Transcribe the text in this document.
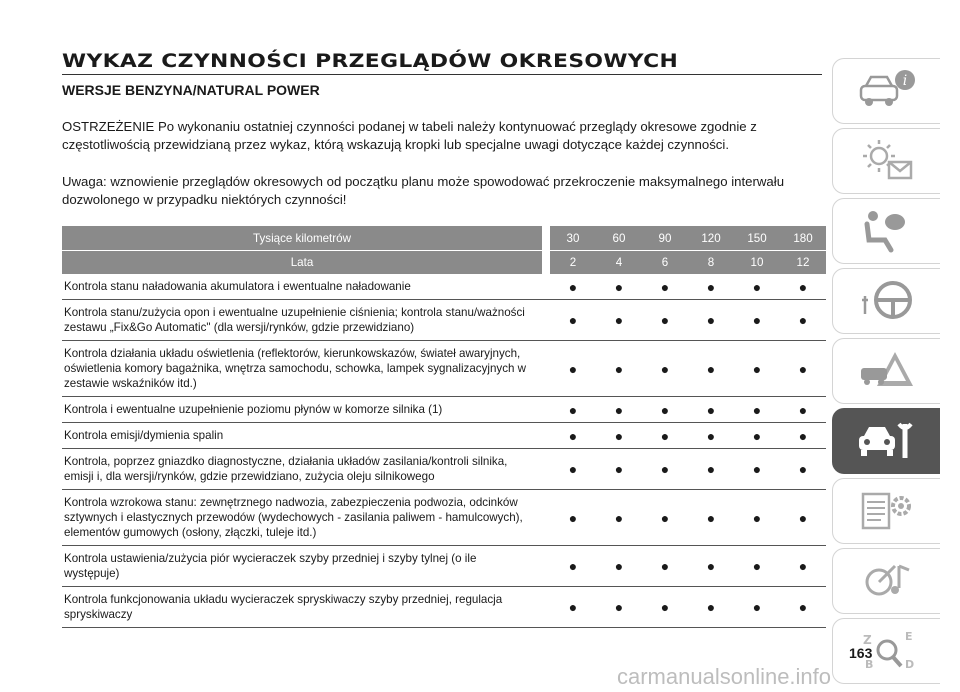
WYKAZ CZYNNOŚCI PRZEGLĄDÓW OKRESOWYCH
WERSJE BENZYNA/NATURAL POWER
OSTRZEŻENIE Po wykonaniu ostatniej czynności podanej w tabeli należy kontynuować przeglądy okresowe zgodnie z częstotliwością przewidzianą przez wykaz, którą wskazują kropki lub specjalne uwagi dotyczące każdej czynności.
Uwaga: wznowienie przeglądów okresowych od początku planu może spowodować przekroczenie maksymalnego interwału dozwolonego w przypadku niektórych czynności!
Tysiące kilometrów		30	60	90	120	150	180
Lata		2	4	6	8	10	12
Kontrola stanu naładowania akumulatora i ewentualne naładowanie		●	●	●	●	●	●
Kontrola stanu/zużycia opon i ewentualne uzupełnienie ciśnienia; kontrola stanu/ważności zestawu „Fix&Go Automatic" (dla wersji/rynków, gdzie przewidziano)		●	●	●	●	●	●
Kontrola działania układu oświetlenia (reflektorów, kierunkowskazów, świateł awaryjnych, oświetlenia komory bagażnika, wnętrza samochodu, schowka, lampek sygnalizacyjnych w zestawie wskaźników itd.)		●	●	●	●	●	●
Kontrola i ewentualne uzupełnienie poziomu płynów w komorze silnika (1)		●	●	●	●	●	●
Kontrola emisji/dymienia spalin		●	●	●	●	●	●
Kontrola, poprzez gniazdko diagnostyczne, działania układów zasilania/kontroli silnika, emisji i, dla wersji/rynków, gdzie przewidziano, zużycia oleju silnikowego		●	●	●	●	●	●
Kontrola wzrokowa stanu: zewnętrznego nadwozia, zabezpieczenia podwozia, odcinków sztywnych i elastycznych przewodów (wydechowych - zasilania paliwem - hamulcowych), elementów gumowych (osłony, złączki, tuleje itd.)		●	●	●	●	●	●
Kontrola ustawienia/zużycia piór wycieraczek szyby przedniej i szyby tylnej (o ile występuje)		●	●	●	●	●	●
Kontrola funkcjonowania układu wycieraczek spryskiwaczy szyby przedniej, regulacja spryskiwaczy		●	●	●	●	●	●
i
Z	E
B	D
163
carmanualsonline.info
